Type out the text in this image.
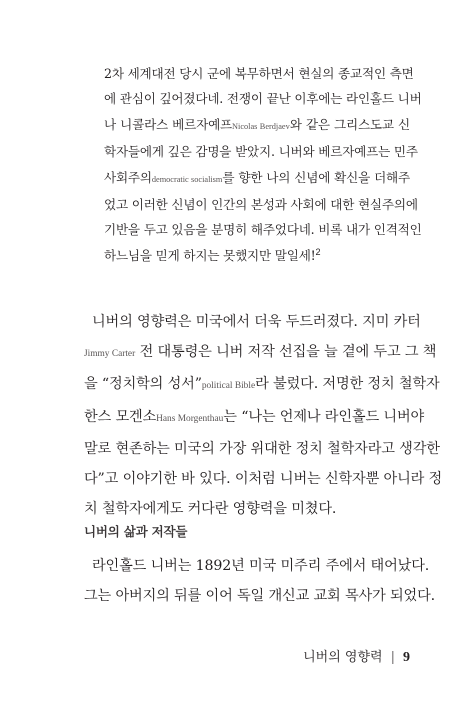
2차 세계대전 당시 군에 복무하면서 현실의 종교적인 측면
에 관심이 깊어졌다네. 전쟁이 끝난 이후에는 라인홀드 니버
나 니콜라스 베르자예프Nicolas Berdjaev와 같은 그리스도교 신
학자들에게 깊은 감명을 받았지. 니버와 베르자예프는 민주
사회주의democratic socialism를 향한 나의 신념에 확신을 더해주
었고 이러한 신념이 인간의 본성과 사회에 대한 현실주의에
기반을 두고 있음을 분명히 해주었다네. 비록 내가 인격적인
하느님을 믿게 하지는 못했지만 말일세!$^2$
니버의 영향력은 미국에서 더욱 두드러졌다. 지미 카터
Jimmy Carter 전 대통령은 니버 저작 선집을 늘 곁에 두고 그 책
을 “정치학의 성서”political Bible라 불렀다. 저명한 정치 철학자
한스 모겐소Hans Morgenthau는 “나는 언제나 라인홀드 니버야
말로 현존하는 미국의 가장 위대한 정치 철학자라고 생각한
다”고 이야기한 바 있다. 이처럼 니버는 신학자뿐 아니라 정
치 철학자에게도 커다란 영향력을 미쳤다.
니버의 삶과 저작들
라인홀드 니버는 1892년 미국 미주리 주에서 태어났다.
그는 아버지의 뒤를 이어 독일 개신교 교회 목사가 되었다.
니버의 영향력 | 9
